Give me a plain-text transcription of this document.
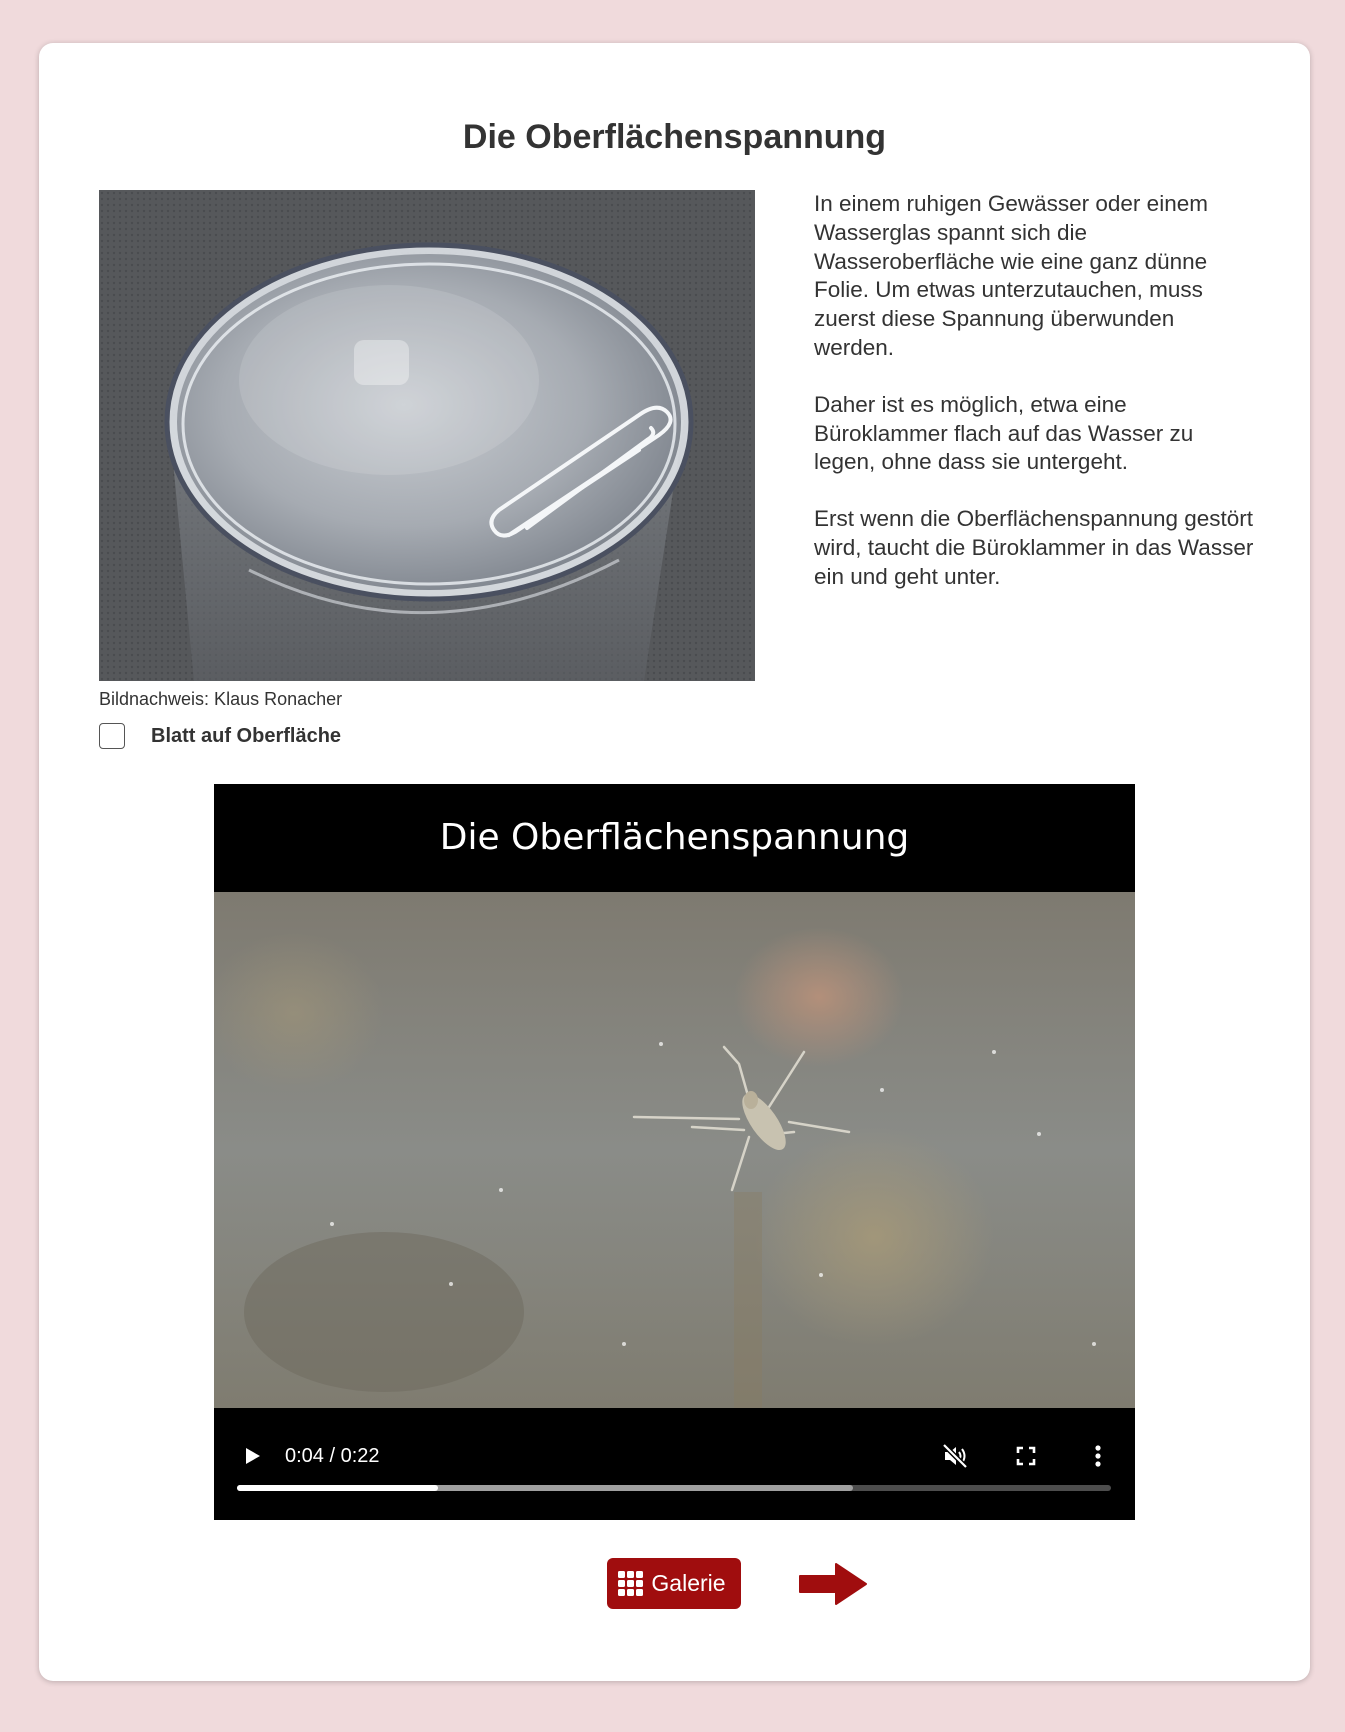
Die Oberflächenspannung
Bildnachweis: Klaus Ronacher
Blatt auf Oberfläche

In einem ruhigen Gewässer oder einem Wasserglas spannt sich die Wasseroberfläche wie eine ganz dünne Folie. Um etwas unterzutauchen, muss zuerst diese Spannung überwunden werden.

Daher ist es möglich, etwa eine Büroklammer flach auf das Wasser zu legen, ohne dass sie untergeht.

Erst wenn die Oberflächenspannung gestört wird, taucht die Büroklammer in das Wasser ein und geht unter.

Die Oberflächenspannung
0:04 / 0:22
Galerie
